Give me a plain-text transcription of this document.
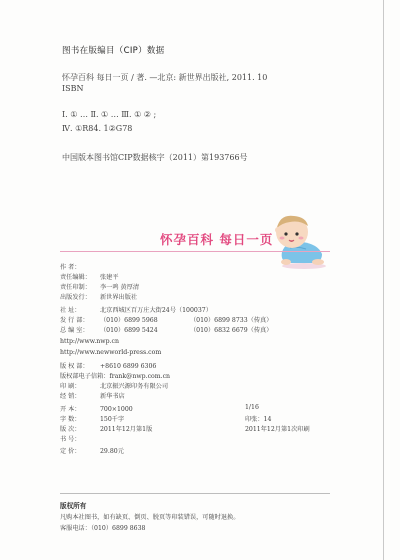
图书在版编目（CIP）数据
怀孕百科 每日一页 / 著. —北京: 新世界出版社, 2011. 10
ISBN
Ⅰ. ① … Ⅱ. ① … Ⅲ. ① ② ;
Ⅳ. ①R84. 1②G78
中国版本图书馆CIP数据核字（2011）第193766号
怀孕百科 每日一页
作 者：
责任编辑： 张建平
责任印制： 李一鸣 黄厚清
出版发行： 新世界出版社
社 址：	北京西城区百万庄大街24号（100037）
发 行 部： （010）6899 5968	（010）6899 8733（传真）
总 编 室： （010）6899 5424	（010）6832 6679（传真）
http://www.nwp.cn
http://www.newworld-press.com
版 权 部： +8610 6899 6306
版权部电子信箱：frank@nwp.com.cn
印 刷：	北京振兴源印务有限公司
经 销：	新华书店
开 本：	700×1000	1/16
字 数：	150千字	印张：14
版 次：	2011年12月第1版	2011年12月第1次印刷
书 号：
定 价：	29.80元
版权所有
凡购本社图书，如有缺页、倒页、脱页等印装错误，可随时退换。
客服电话：（010）6899 8638
